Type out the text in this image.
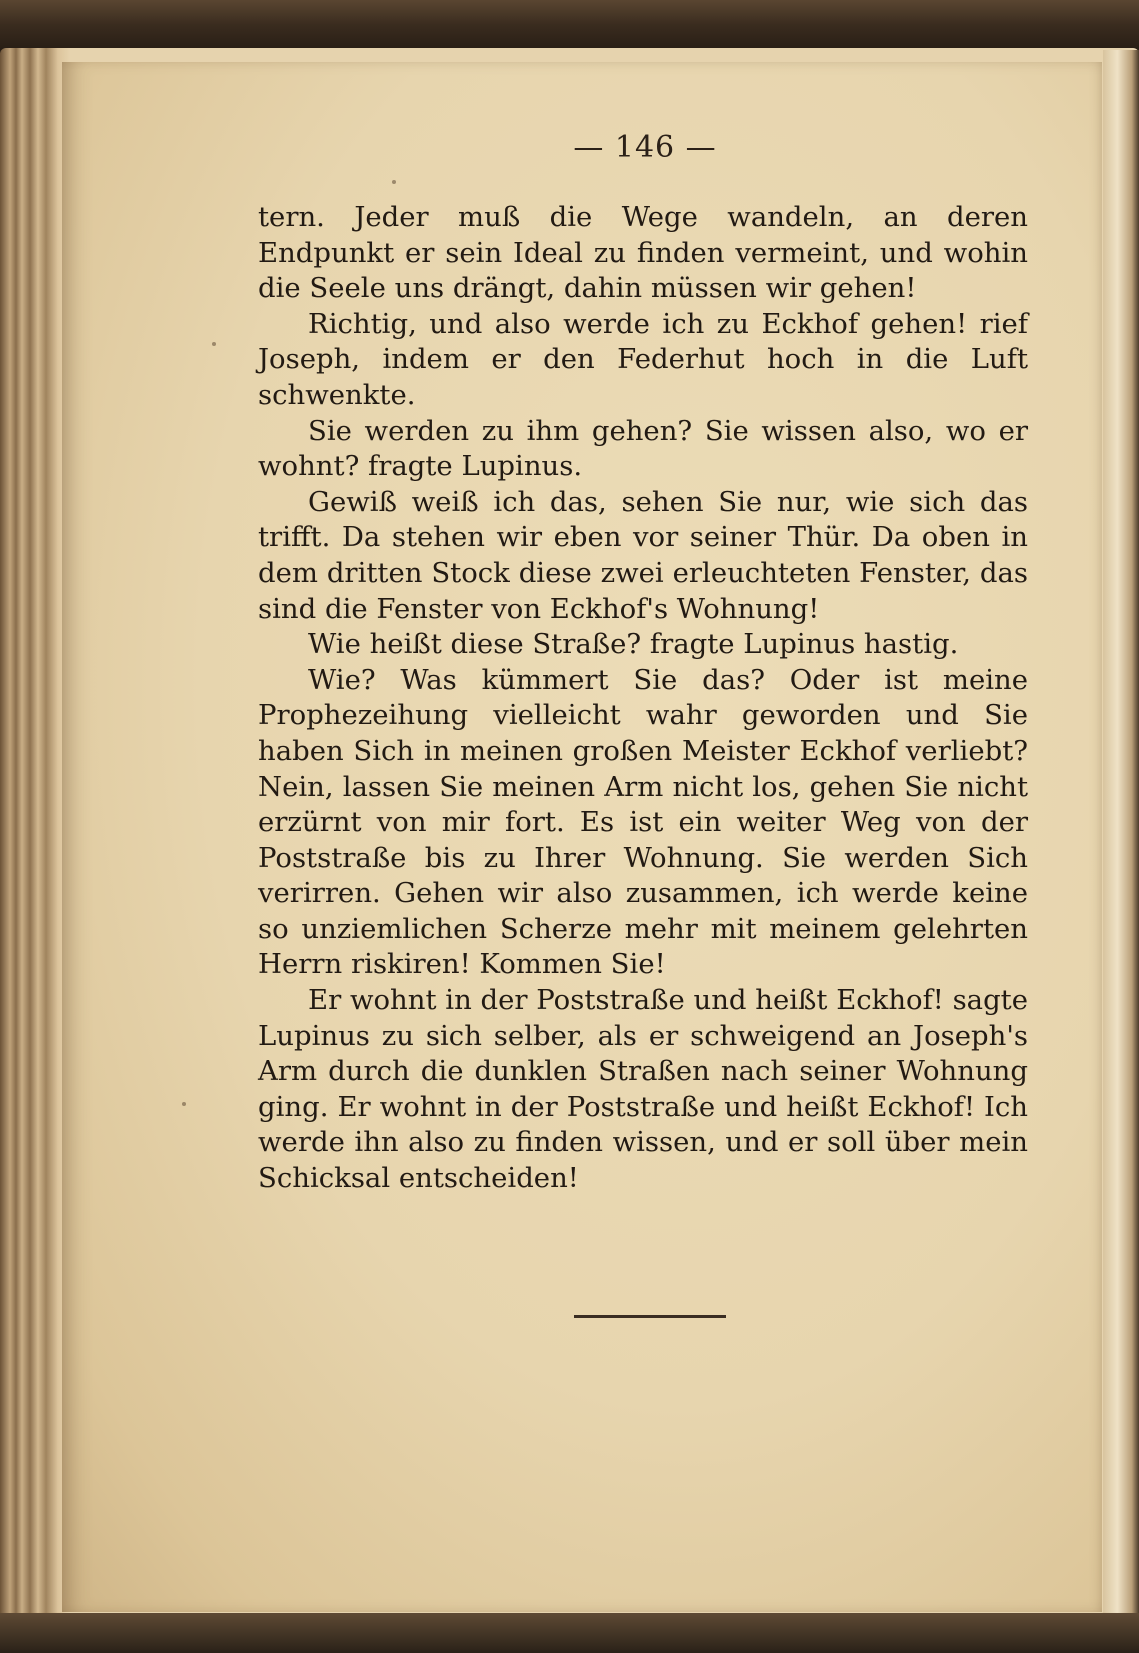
— 146 —

tern. Jeder muß die Wege wandeln, an deren Endpunkt er sein Ideal zu finden vermeint, und wohin die Seele uns drängt, dahin müssen wir gehen!

Richtig, und also werde ich zu Eckhof gehen! rief Joseph, indem er den Federhut hoch in die Luft schwenkte.

Sie werden zu ihm gehen? Sie wissen also, wo er wohnt? fragte Lupinus.

Gewiß weiß ich das, sehen Sie nur, wie sich das trifft. Da stehen wir eben vor seiner Thür. Da oben in dem dritten Stock diese zwei erleuchteten Fenster, das sind die Fenster von Eckhof's Wohnung!

Wie heißt diese Straße? fragte Lupinus hastig.

Wie? Was kümmert Sie das? Oder ist meine Prophezeihung vielleicht wahr geworden und Sie haben Sich in meinen großen Meister Eckhof verliebt? Nein, lassen Sie meinen Arm nicht los, gehen Sie nicht erzürnt von mir fort. Es ist ein weiter Weg von der Poststraße bis zu Ihrer Wohnung. Sie werden Sich verirren. Gehen wir also zusammen, ich werde keine so unziemlichen Scherze mehr mit meinem gelehrten Herrn riskiren! Kommen Sie!

Er wohnt in der Poststraße und heißt Eckhof! sagte Lupinus zu sich selber, als er schweigend an Joseph's Arm durch die dunklen Straßen nach seiner Wohnung ging. Er wohnt in der Poststraße und heißt Eckhof! Ich werde ihn also zu finden wissen, und er soll über mein Schicksal entscheiden!
